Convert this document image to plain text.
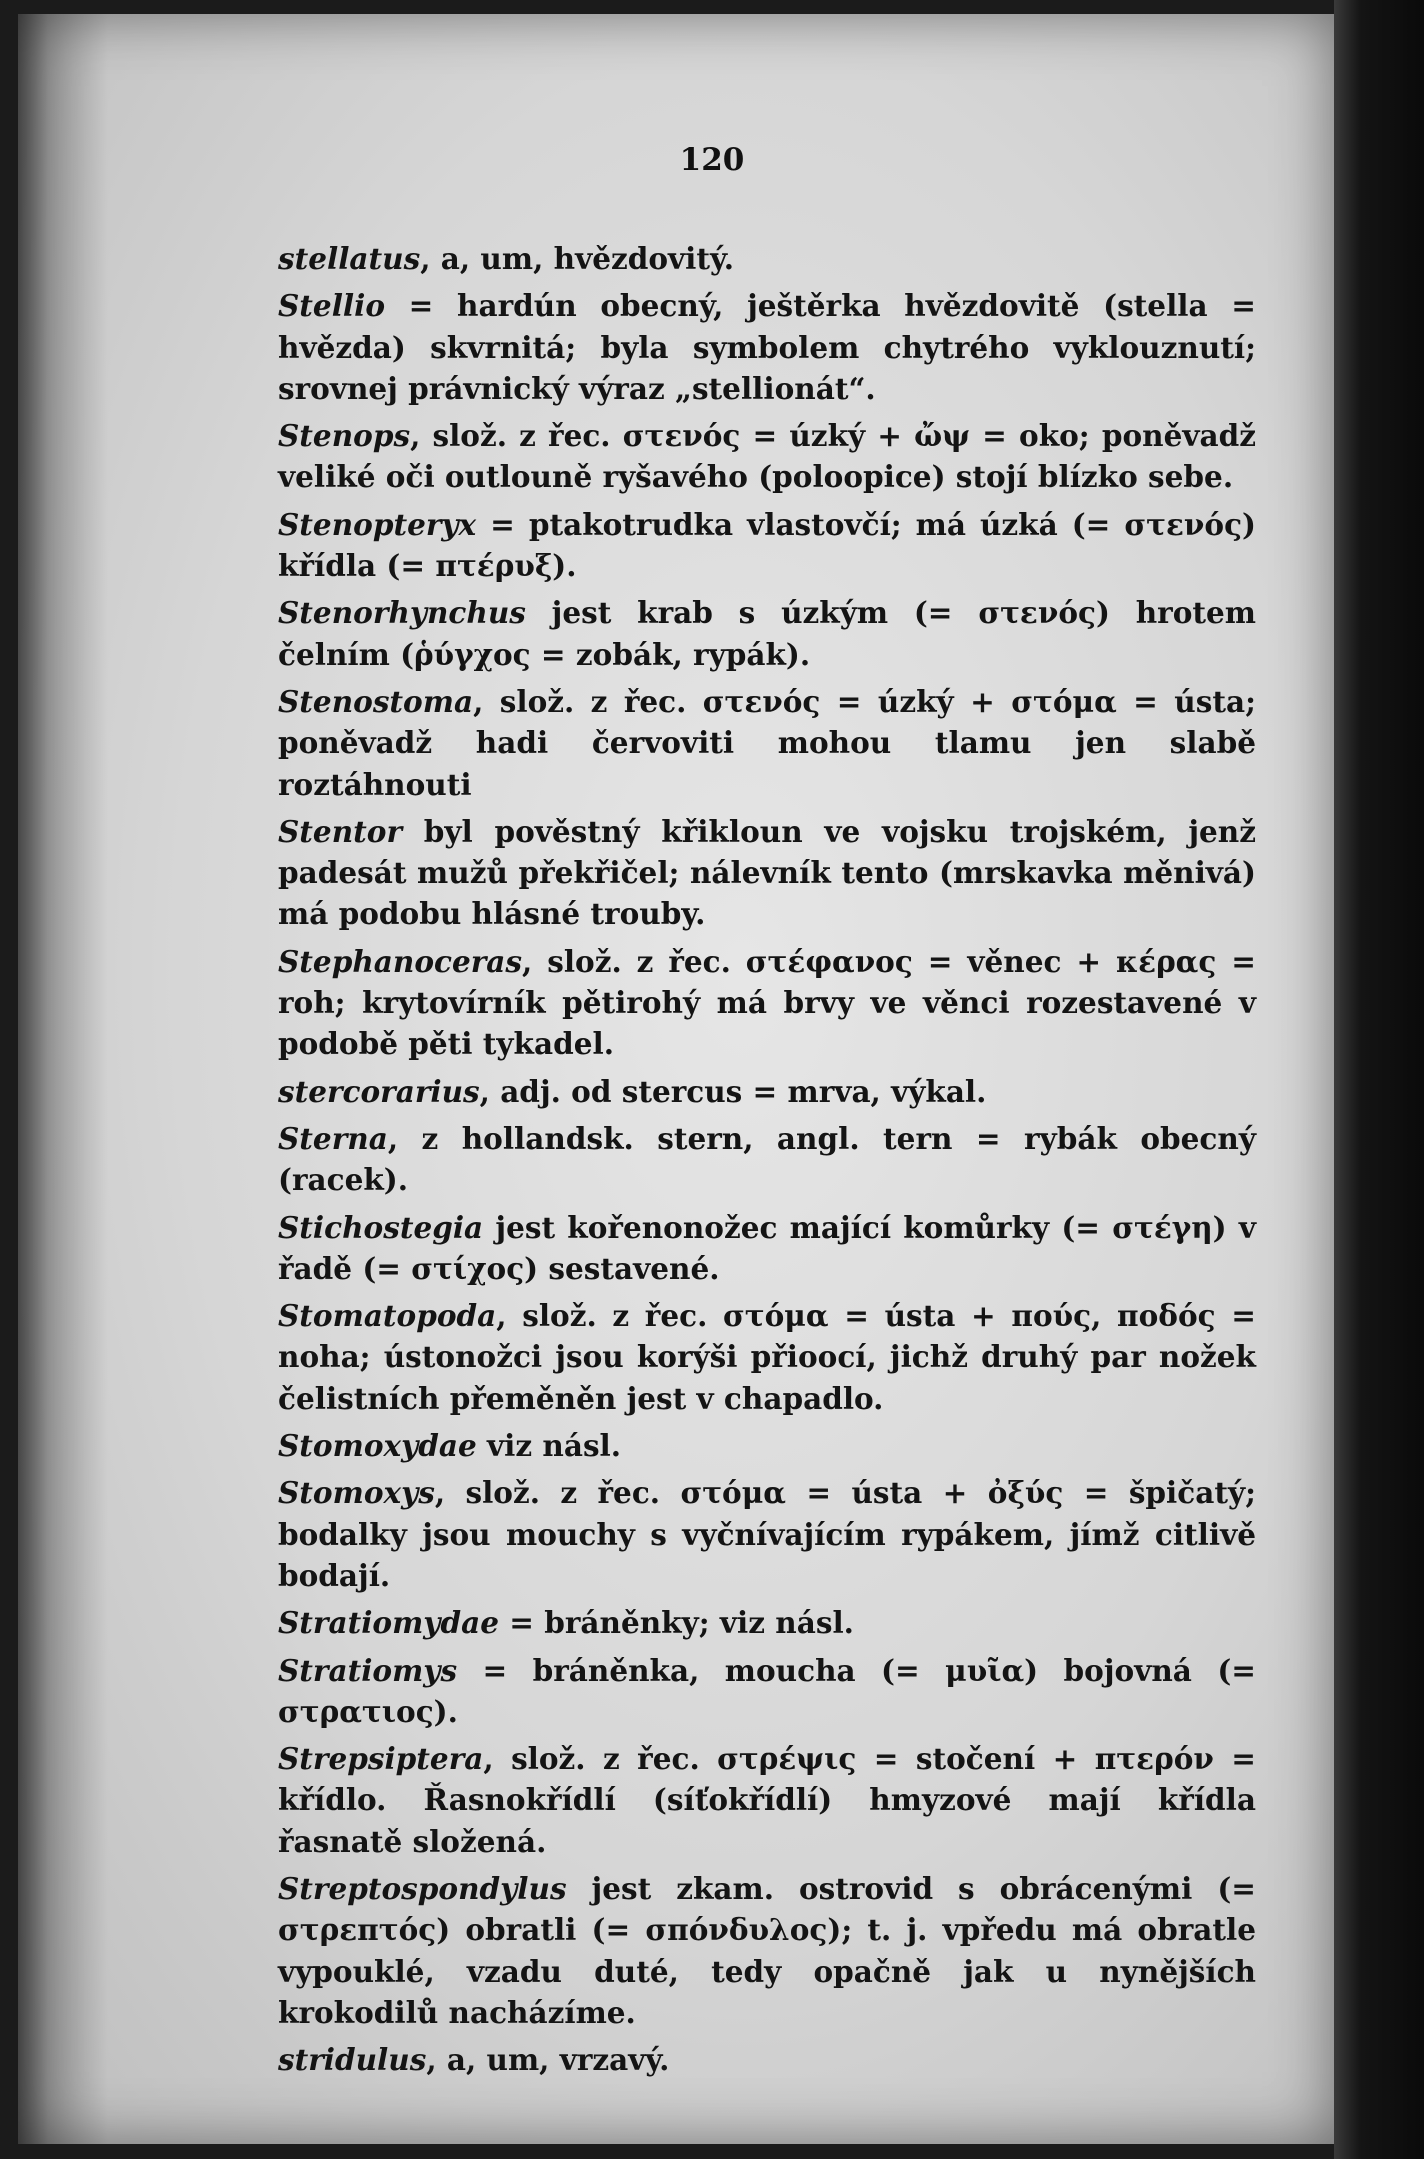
120

stellatus, a, um, hvězdovitý.

Stellio = hardún obecný, ještěrka hvězdovitě (stella = hvězda) skvrnitá; byla symbolem chytrého vyklouznutí; srovnej právnický výraz „stellionát“.

Stenops, slož. z řec. στενός = úzký + ὤψ = oko; poněvadž veliké oči outlouně ryšavého (poloopice) stojí blízko sebe.

Stenopteryx = ptakotrudka vlastovčí; má úzká (= στενός) křídla (= πτέρυξ).

Stenorhynchus jest krab s úzkým (= στενός) hrotem čelním (ῥύγχος = zobák, rypák).

Stenostoma, slož. z řec. στενός = úzký + στόμα = ústa; poněvadž hadi červoviti mohou tlamu jen slabě roztáhnouti

Stentor byl pověstný křikloun ve vojsku trojském, jenž padesát mužů překřičel; nálevník tento (mrskavka měnivá) má podobu hlásné trouby.

Stephanoceras, slož. z řec. στέφανος = věnec + κέρας = roh; krytovírník pětirohý má brvy ve věnci rozestavené v podobě pěti tykadel.

stercorarius, adj. od stercus = mrva, výkal.

Sterna, z hollandsk. stern, angl. tern = rybák obecný (racek).

Stichostegia jest kořenonožec mající komůrky (= στέγη) v řadě (= στίχος) sestavené.

Stomatopoda, slož. z řec. στόμα = ústa + πούς, ποδός = noha; ústonožci jsou korýši přioocí, jichž druhý par nožek čelistních přeměněn jest v chapadlo.

Stomoxydae viz násl.

Stomoxys, slož. z řec. στόμα = ústa + ὀξύς = špičatý; bodalky jsou mouchy s vyčnívajícím rypákem, jímž citlivě bodají.

Stratiomydae = bráněnky; viz násl.

Stratiomys = bráněnka, moucha (= μυῖα) bojovná (= στρατιος).

Strepsiptera, slož. z řec. στρέψις = stočení + πτερόν = křídlo. Řasnokřídlí (síťokřídlí) hmyzové mají křídla řasnatě složená.

Streptospondylus jest zkam. ostrovid s obrácenými (= στρεπτός) obratli (= σπόνδυλος); t. j. vpředu má obratle vypouklé, vzadu duté, tedy opačně jak u nynějších krokodilů nacházíme.

stridulus, a, um, vrzavý.
